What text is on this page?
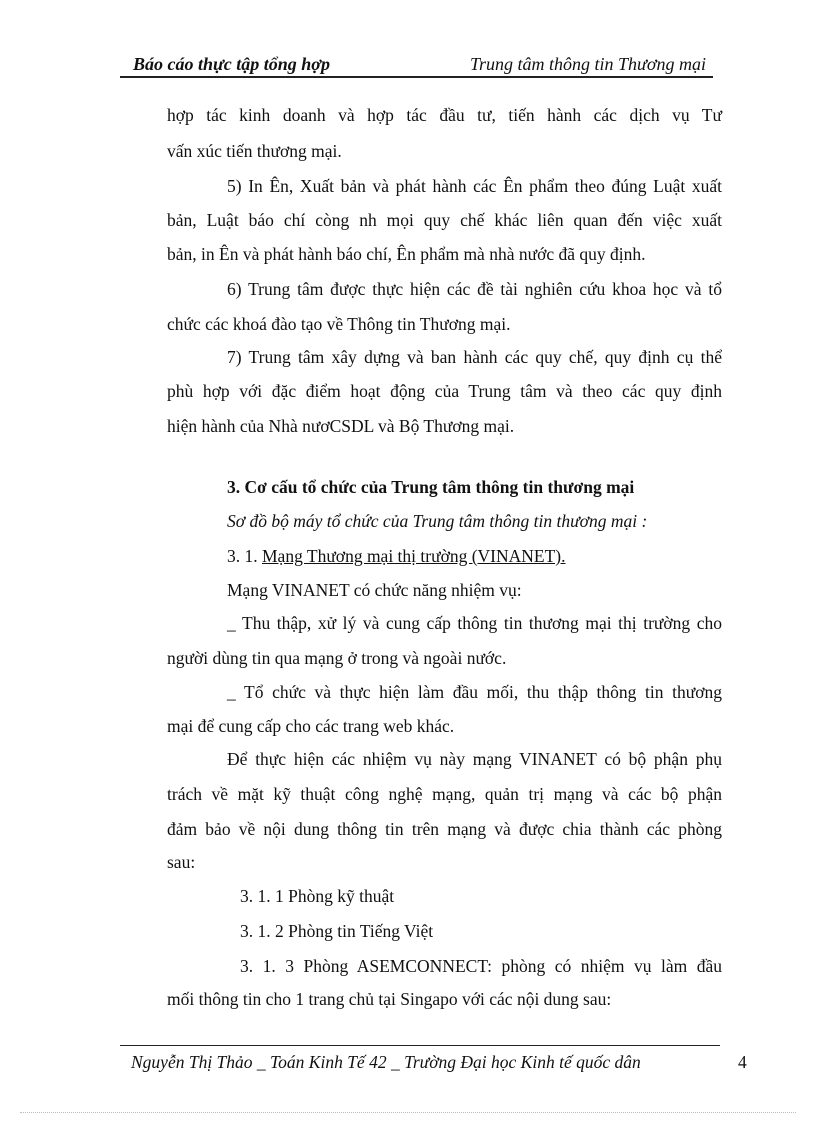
Báo cáo thực tập tổng hợp	Trung tâm thông tin Thương mại
hợp tác kinh doanh và hợp tác đầu tư, tiến hành các dịch vụ Tư
vấn xúc tiến thương mại.
5) In Ên, Xuất bản và phát hành các Ên phẩm theo đúng Luật xuất
bản, Luật báo chí còng nh mọi quy chế khác liên quan đến việc xuất
bản, in Ên và phát hành báo chí, Ên phẩm mà nhà nước đã quy định.
6) Trung tâm được thực hiện các đề tài nghiên cứu khoa học và tổ
chức các khoá đào tạo về Thông tin Thương mại.
7) Trung tâm xây dựng và ban hành các quy chế, quy định cụ thể
phù hợp với đặc điểm hoạt động của Trung tâm và theo các quy định
hiện hành của Nhà nươCSDL và Bộ Thương mại.
3. Cơ cấu tổ chức của Trung tâm thông tin thương mại
Sơ đồ bộ máy tổ chức của Trung tâm thông tin thương mại :
3. 1. Mạng Thương mại thị trường (VINANET).
Mạng VINANET có chức năng nhiệm vụ:
_ Thu thập, xử lý và cung cấp thông tin thương mại thị trường cho
người dùng tin qua mạng ở trong và ngoài nước.
_ Tổ chức và thực hiện làm đầu mối, thu thập thông tin thương
mại để cung cấp cho các trang web khác.
Để thực hiện các nhiệm vụ này mạng VINANET có bộ phận phụ
trách về mặt kỹ thuật công nghệ mạng, quản trị mạng và các bộ phận
đảm bảo về nội dung thông tin trên mạng và được chia thành các phòng
sau:
3. 1. 1 Phòng kỹ thuật
3. 1. 2 Phòng tin Tiếng Việt
3. 1. 3 Phòng ASEMCONNECT: phòng có nhiệm vụ làm đầu
mối thông tin cho 1 trang chủ tại Singapo với các nội dung sau:
Nguyễn Thị Thảo _ Toán Kinh Tế 42 _ Trường Đại học Kinh tế quốc dân	4
